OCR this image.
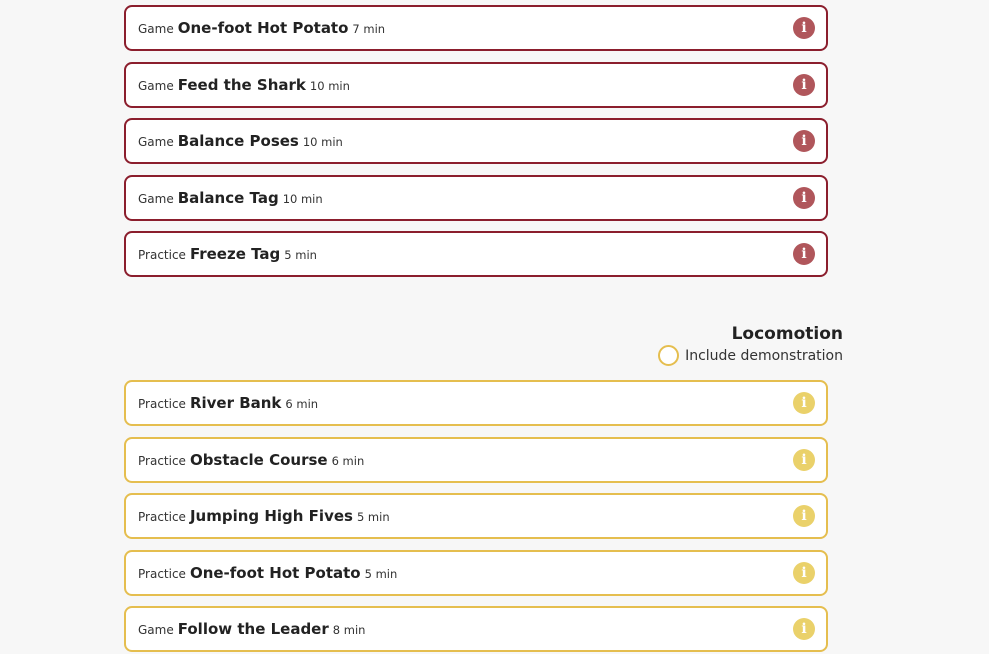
Game One-foot Hot Potato 7 min	i
Game Feed the Shark 10 min	i
Game Balance Poses 10 min	i
Game Balance Tag 10 min	i
Practice Freeze Tag 5 min	i
Locomotion
Include demonstration
Practice River Bank 6 min	i
Practice Obstacle Course 6 min	i
Practice Jumping High Fives 5 min	i
Practice One-foot Hot Potato 5 min	i
Game Follow the Leader 8 min	i
